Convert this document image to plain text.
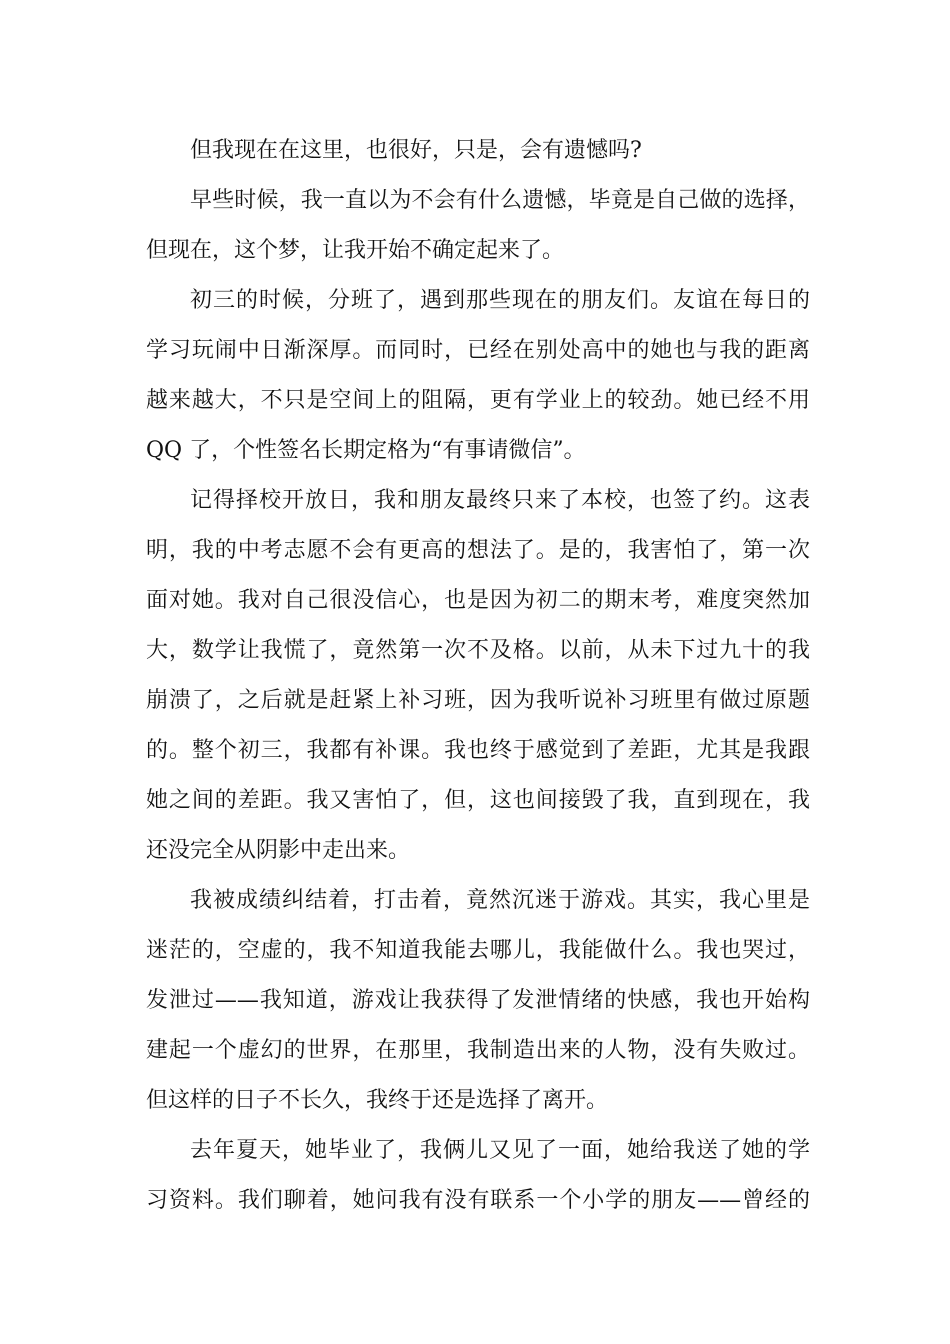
但我现在在这里，也很好，只是，会有遗憾吗?
早些时候，我一直以为不会有什么遗憾，毕竟是自己做的选择，
但现在，这个梦，让我开始不确定起来了。
初三的时候，分班了，遇到那些现在的朋友们。友谊在每日的
学习玩闹中日渐深厚。而同时，已经在别处高中的她也与我的距离
越来越大，不只是空间上的阻隔，更有学业上的较劲。她已经不用
QQ 了，个性签名长期定格为“有事请微信”。
记得择校开放日，我和朋友最终只来了本校，也签了约。这表
明，我的中考志愿不会有更高的想法了。是的，我害怕了，第一次
面对她。我对自己很没信心，也是因为初二的期末考，难度突然加
大，数学让我慌了，竟然第一次不及格。以前，从未下过九十的我
崩溃了，之后就是赶紧上补习班，因为我听说补习班里有做过原题
的。整个初三，我都有补课。我也终于感觉到了差距，尤其是我跟
她之间的差距。我又害怕了，但，这也间接毁了我，直到现在，我
还没完全从阴影中走出来。
我被成绩纠结着，打击着，竟然沉迷于游戏。其实，我心里是
迷茫的，空虚的，我不知道我能去哪儿，我能做什么。我也哭过，
发泄过——我知道，游戏让我获得了发泄情绪的快感，我也开始构
建起一个虚幻的世界，在那里，我制造出来的人物，没有失败过。
但这样的日子不长久，我终于还是选择了离开。
去年夏天，她毕业了，我俩儿又见了一面，她给我送了她的学
习资料。我们聊着，她问我有没有联系一个小学的朋友——曾经的
